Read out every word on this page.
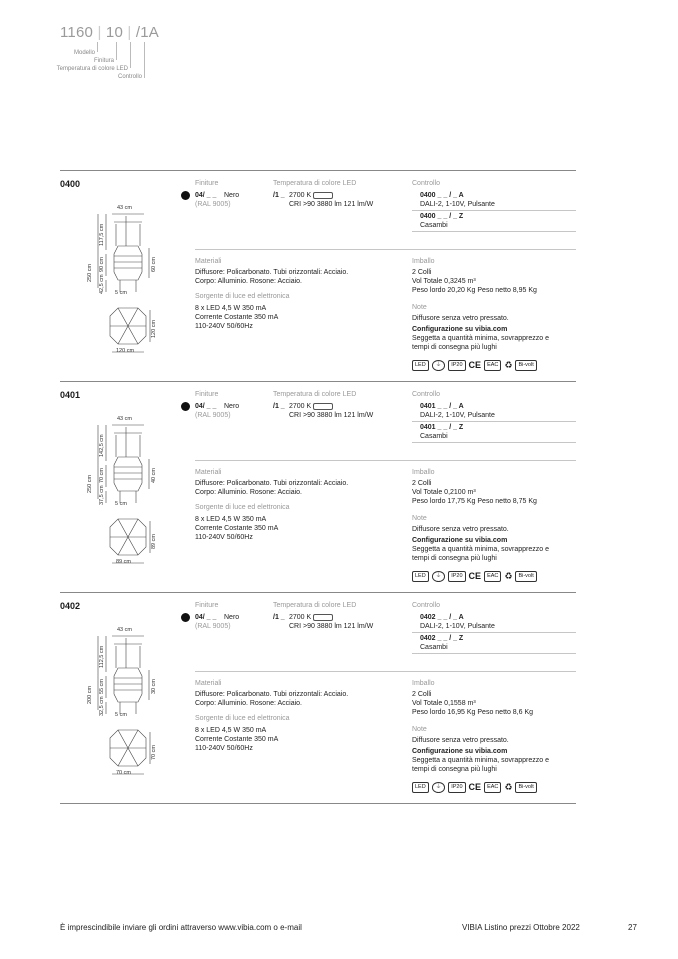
1160 | 10 | /1A
Modello
Finitura
Temperatura di colore LED
Controllo
0400	Finiture
04/ _ _ Nero
(RAL 9005)
Temperatura di colore LED
/1 _ 2700 K
CRI >90 3880 lm 121 lm/W
Controllo
0400 _ _ / _ A
DALI-2, 1-10V, Pulsante
0400 _ _ / _ Z
Casambi
Materiali
Diffusore: Policarbonato. Tubi orizzontali: Acciaio.
Corpo: Alluminio. Rosone: Acciaio.
Sorgente di luce ed elettronica
8 x LED 4,5 W 350 mA
Corrente Costante 350 mA
110-240V 50/60Hz
Imballo
2 Colli
Vol Totale 0,3245 m³
Peso lordo 20,20 Kg Peso netto 8,95 Kg
Note
Diffusore senza vetro pressato.
Configurazione su vibia.com
Seggetta a quantità minima, sovrapprezzo e
tempi di consegna più lughi
LED	⏚	IP20 CE	EAC ♻	Bi-volt
43 cm
250 cm
117,5 cm
90 cm
42,5 cm
60 cm
5 cm
120 cm
120 cm
0401	Finiture
04/ _ _ Nero
(RAL 9005)
Temperatura di colore LED
/1 _ 2700 K
CRI >90 3880 lm 121 lm/W
Controllo
0401 _ _ / _ A
DALI-2, 1-10V, Pulsante
0401 _ _ / _ Z
Casambi
Materiali
Diffusore: Policarbonato. Tubi orizzontali: Acciaio.
Corpo: Alluminio. Rosone: Acciaio.
Sorgente di luce ed elettronica
8 x LED 4,5 W 350 mA
Corrente Costante 350 mA
110-240V 50/60Hz
Imballo
2 Colli
Vol Totale 0,2100 m³
Peso lordo 17,75 Kg Peso netto 8,75 Kg
Note
Diffusore senza vetro pressato.
Configurazione su vibia.com
Seggetta a quantità minima, sovrapprezzo e
tempi di consegna più lughi
LED	⏚	IP20 CE	EAC ♻	Bi-volt
43 cm
250 cm
142,5 cm
70 cm
37,5 cm
40 cm
5 cm
89 cm
89 cm
0402	Finiture
04/ _ _ Nero
(RAL 9005)
Temperatura di colore LED
/1 _ 2700 K
CRI >90 3880 lm 121 lm/W
Controllo
0402 _ _ / _ A
DALI-2, 1-10V, Pulsante
0402 _ _ / _ Z
Casambi
Materiali
Diffusore: Policarbonato. Tubi orizzontali: Acciaio.
Corpo: Alluminio. Rosone: Acciaio.
Sorgente di luce ed elettronica
8 x LED 4,5 W 350 mA
Corrente Costante 350 mA
110-240V 50/60Hz
Imballo
2 Colli
Vol Totale 0,1558 m³
Peso lordo 16,95 Kg Peso netto 8,6 Kg
Note
Diffusore senza vetro pressato.
Configurazione su vibia.com
Seggetta a quantità minima, sovrapprezzo e
tempi di consegna più lughi
LED	⏚	IP20 CE	EAC ♻	Bi-volt
43 cm
200 cm
112,5 cm
55 cm
32,5 cm
30 cm
5 cm
70 cm
70 cm
È imprescindibile inviare gli ordini attraverso www.vibia.com o e-mail	VIBIA Listino prezzi Ottobre 2022	27
